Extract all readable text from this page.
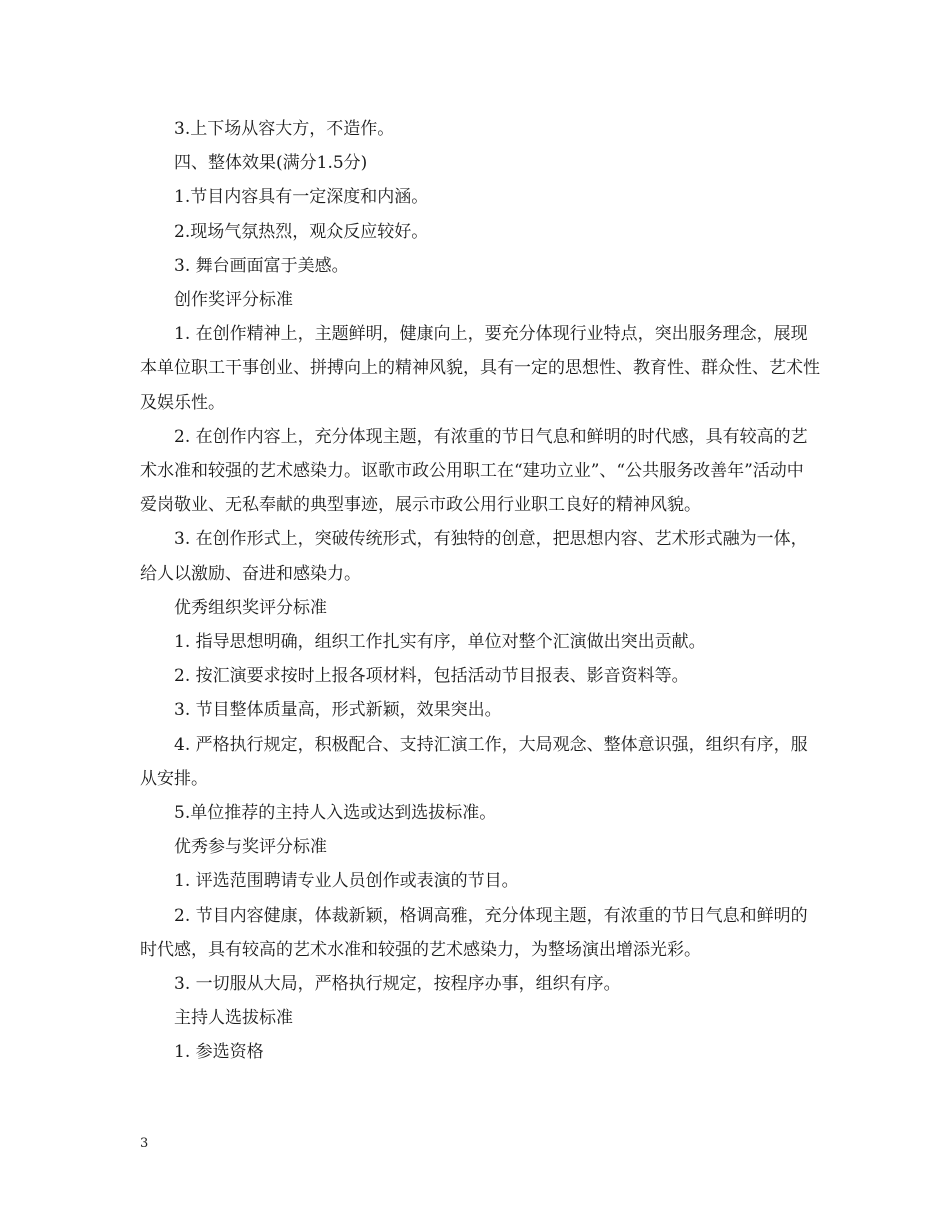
3.上下场从容大方，不造作。

四、整体效果(满分1.5分)

1.节目内容具有一定深度和内涵。

2.现场气氛热烈，观众反应较好。

3. 舞台画面富于美感。

创作奖评分标准

1. 在创作精神上，主题鲜明，健康向上，要充分体现行业特点，突出服务理念，展现本单位职工干事创业、拼搏向上的精神风貌，具有一定的思想性、教育性、群众性、艺术性及娱乐性。

2. 在创作内容上，充分体现主题，有浓重的节日气息和鲜明的时代感，具有较高的艺术水准和较强的艺术感染力。讴歌市政公用职工在“建功立业”、“公共服务改善年”活动中爱岗敬业、无私奉献的典型事迹，展示市政公用行业职工良好的精神风貌。

3. 在创作形式上，突破传统形式，有独特的创意，把思想内容、艺术形式融为一体，给人以激励、奋进和感染力。

优秀组织奖评分标准

1. 指导思想明确，组织工作扎实有序，单位对整个汇演做出突出贡献。

2. 按汇演要求按时上报各项材料，包括活动节目报表、影音资料等。

3. 节目整体质量高，形式新颖，效果突出。

4. 严格执行规定，积极配合、支持汇演工作，大局观念、整体意识强，组织有序，服从安排。

5.单位推荐的主持人入选或达到选拔标准。

优秀参与奖评分标准

1. 评选范围聘请专业人员创作或表演的节目。

2. 节目内容健康，体裁新颖，格调高雅，充分体现主题，有浓重的节日气息和鲜明的时代感，具有较高的艺术水准和较强的艺术感染力，为整场演出增添光彩。

3. 一切服从大局，严格执行规定，按程序办事，组织有序。

主持人选拔标准

1. 参选资格

3
